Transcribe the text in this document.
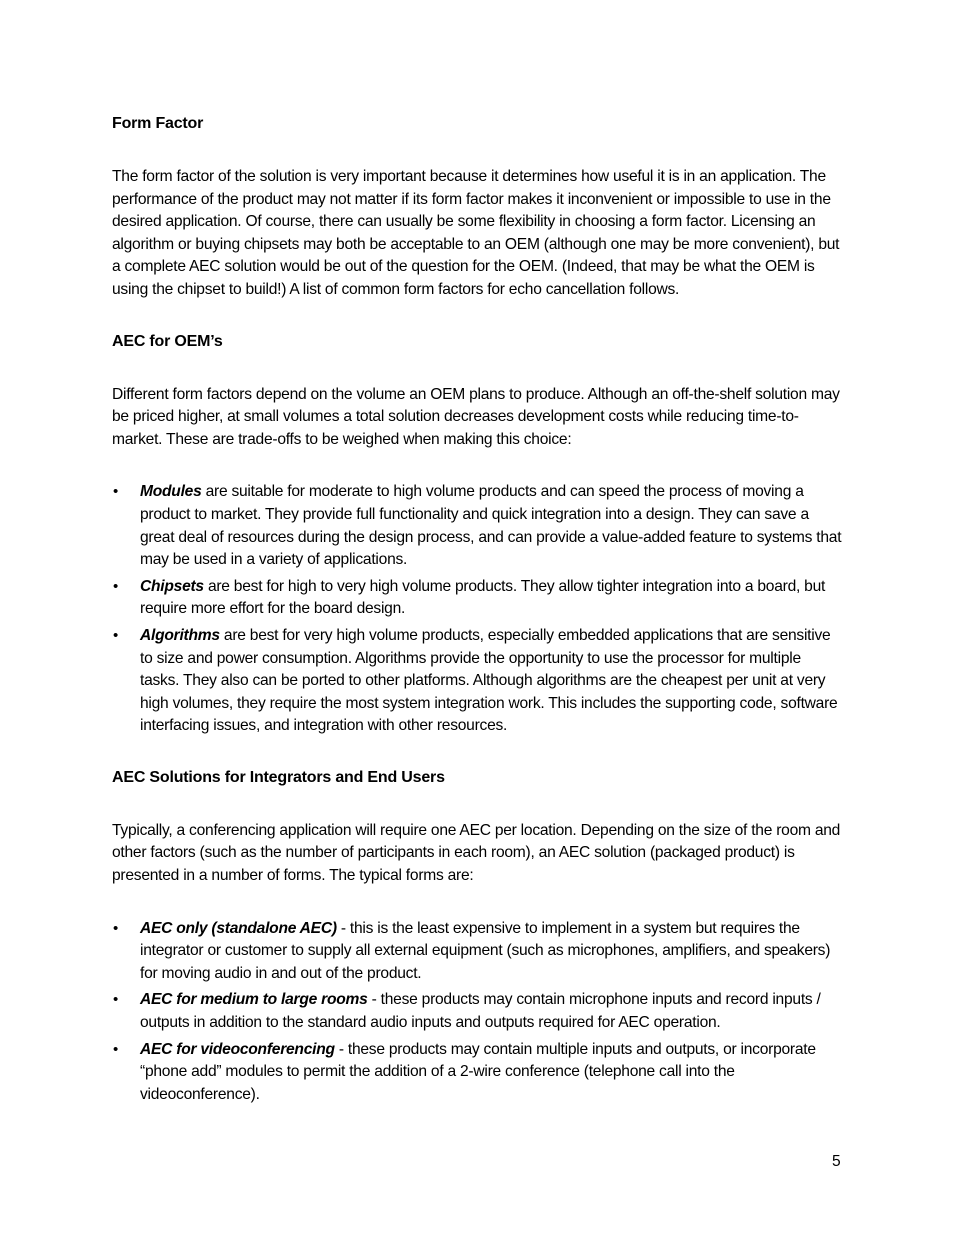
Form Factor

The form factor of the solution is very important because it determines how useful it is in an application. The performance of the product may not matter if its form factor makes it inconvenient or impossible to use in the desired application. Of course, there can usually be some flexibility in choosing a form factor. Licensing an algorithm or buying chipsets may both be acceptable to an OEM (although one may be more convenient), but a complete AEC solution would be out of the question for the OEM. (Indeed, that may be what the OEM is using the chipset to build!) A list of common form factors for echo cancellation follows.

AEC for OEM’s

Different form factors depend on the volume an OEM plans to produce. Although an off-the-shelf solution may be priced higher, at small volumes a total solution decreases development costs while reducing time-to-market. These are trade-offs to be weighed when making this choice:

• Modules are suitable for moderate to high volume products and can speed the process of moving a product to market. They provide full functionality and quick integration into a design. They can save a great deal of resources during the design process, and can provide a value-added feature to systems that may be used in a variety of applications.
• Chipsets are best for high to very high volume products. They allow tighter integration into a board, but require more effort for the board design.
• Algorithms are best for very high volume products, especially embedded applications that are sensitive to size and power consumption. Algorithms provide the opportunity to use the processor for multiple tasks. They also can be ported to other platforms. Although algorithms are the cheapest per unit at very high volumes, they require the most system integration work. This includes the supporting code, software interfacing issues, and integration with other resources.
AEC Solutions for Integrators and End Users

Typically, a conferencing application will require one AEC per location. Depending on the size of the room and other factors (such as the number of participants in each room), an AEC solution (packaged product) is presented in a number of forms. The typical forms are:

• AEC only (standalone AEC) - this is the least expensive to implement in a system but requires the integrator or customer to supply all external equipment (such as microphones, amplifiers, and speakers) for moving audio in and out of the product.
• AEC for medium to large rooms - these products may contain microphone inputs and record inputs / outputs in addition to the standard audio inputs and outputs required for AEC operation.
• AEC for videoconferencing - these products may contain multiple inputs and outputs, or incorporate “phone add” modules to permit the addition of a 2-wire conference (telephone call into the videoconference).
5
